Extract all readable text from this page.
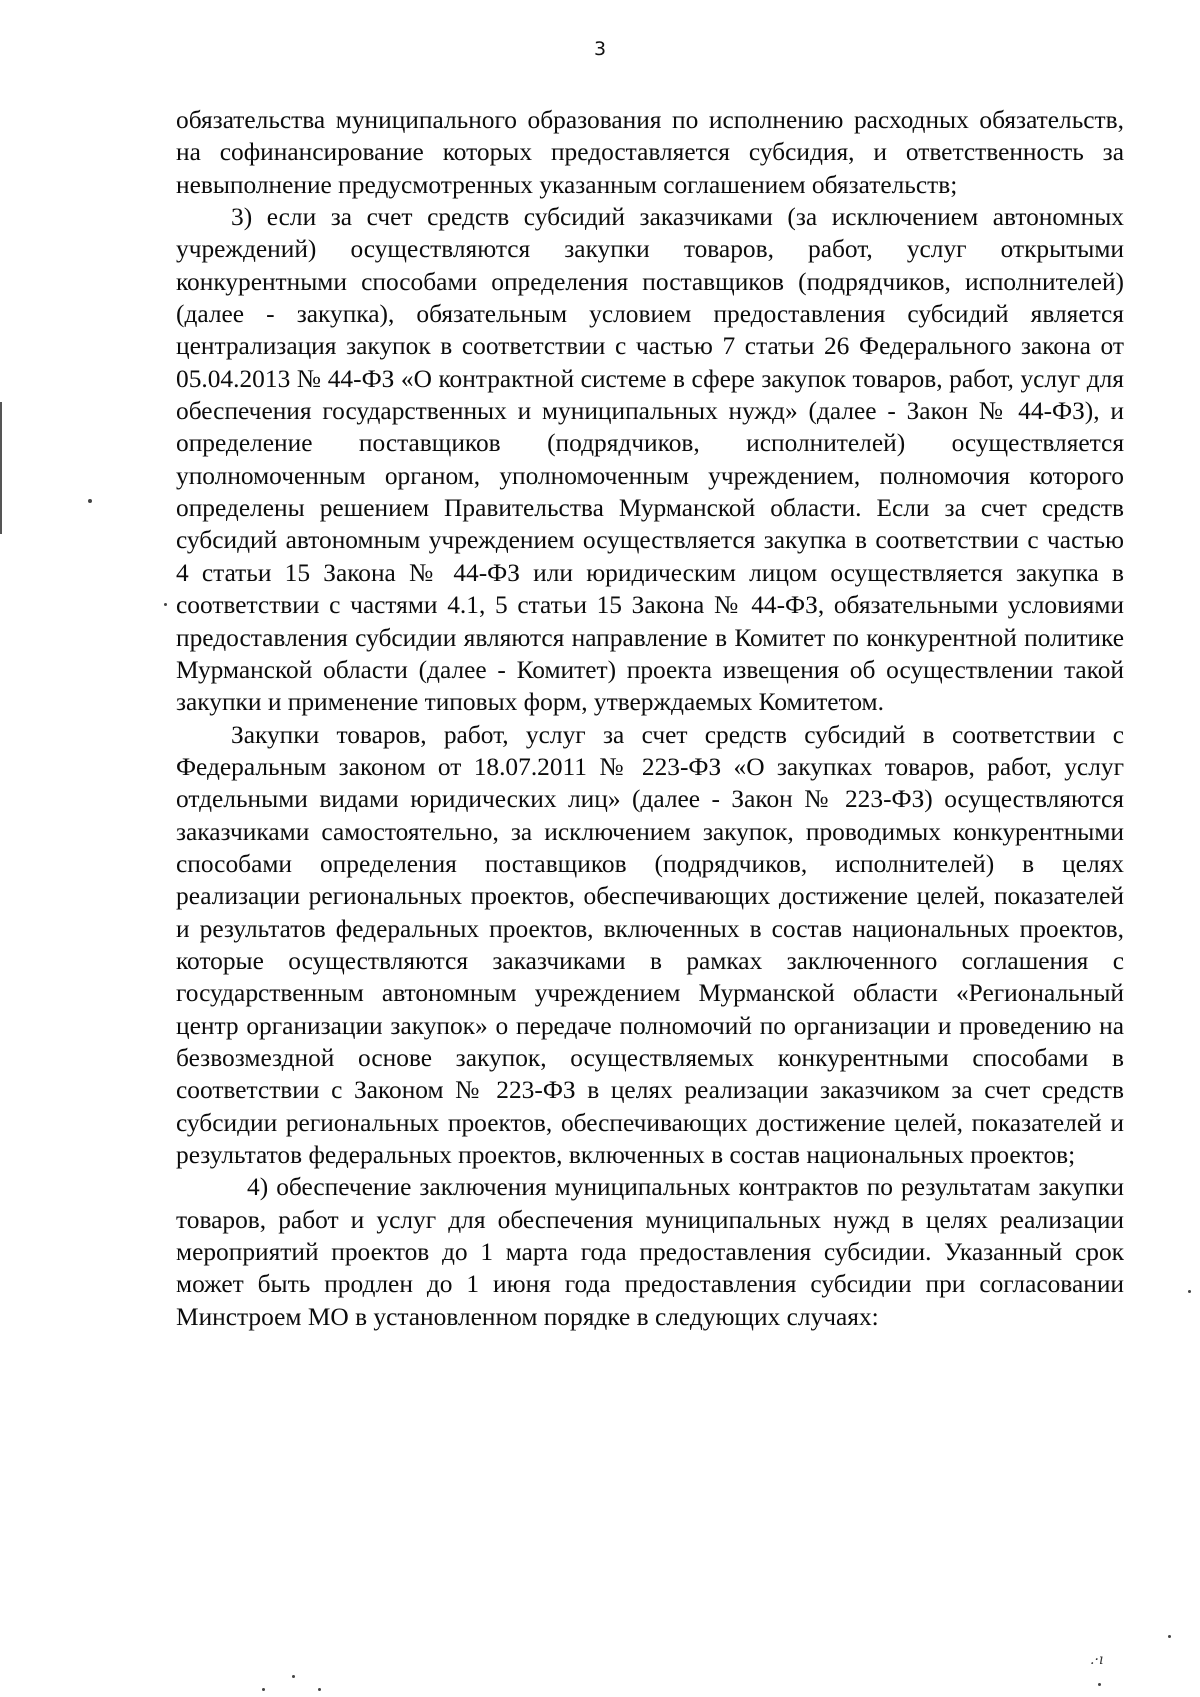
3

обязательства муниципального образования по исполнению расходных обязательств, на софинансирование которых предоставляется субсидия, и ответственность за невыполнение предусмотренных указанным соглашением обязательств;

3) если за счет средств субсидий заказчиками (за исключением автономных учреждений) осуществляются закупки товаров, работ, услуг открытыми конкурентными способами определения поставщиков (подрядчиков, исполнителей) (далее - закупка), обязательным условием предоставления субсидий является централизация закупок в соответствии с частью 7 статьи 26 Федерального закона от 05.04.2013 № 44-ФЗ «О контрактной системе в сфере закупок товаров, работ, услуг для обеспечения государственных и муниципальных нужд» (далее - Закон № 44-ФЗ), и определение поставщиков (подрядчиков, исполнителей) осуществляется уполномоченным органом, уполномоченным учреждением, полномочия которого определены решением Правительства Мурманской области. Если за счет средств субсидий автономным учреждением осуществляется закупка в соответствии с частью 4 статьи 15 Закона № 44-ФЗ или юридическим лицом осуществляется закупка в соответствии с частями 4.1, 5 статьи 15 Закона № 44-ФЗ, обязательными условиями предоставления субсидии являются направление в Комитет по конкурентной политике Мурманской области (далее - Комитет) проекта извещения об осуществлении такой закупки и применение типовых форм, утверждаемых Комитетом.

Закупки товаров, работ, услуг за счет средств субсидий в соответствии с Федеральным законом от 18.07.2011 № 223-ФЗ «О закупках товаров, работ, услуг отдельными видами юридических лиц» (далее - Закон № 223-ФЗ) осуществляются заказчиками самостоятельно, за исключением закупок, проводимых конкурентными способами определения поставщиков (подрядчиков, исполнителей) в целях реализации региональных проектов, обеспечивающих достижение целей, показателей и результатов федеральных проектов, включенных в состав национальных проектов, которые осуществляются заказчиками в рамках заключенного соглашения с государственным автономным учреждением Мурманской области «Региональный центр организации закупок» о передаче полномочий по организации и проведению на безвозмездной основе закупок, осуществляемых конкурентными способами в соответствии с Законом № 223-ФЗ в целях реализации заказчиком за счет средств субсидии региональных проектов, обеспечивающих достижение целей, показателей и результатов федеральных проектов, включенных в состав национальных проектов;

4) обеспечение заключения муниципальных контрактов по результатам закупки товаров, работ и услуг для обеспечения муниципальных нужд в целях реализации мероприятий проектов до 1 марта года предоставления субсидии. Указанный срок может быть продлен до 1 июня года предоставления субсидии при согласовании Минстроем МО в установленном порядке в следующих случаях:

.·ı
